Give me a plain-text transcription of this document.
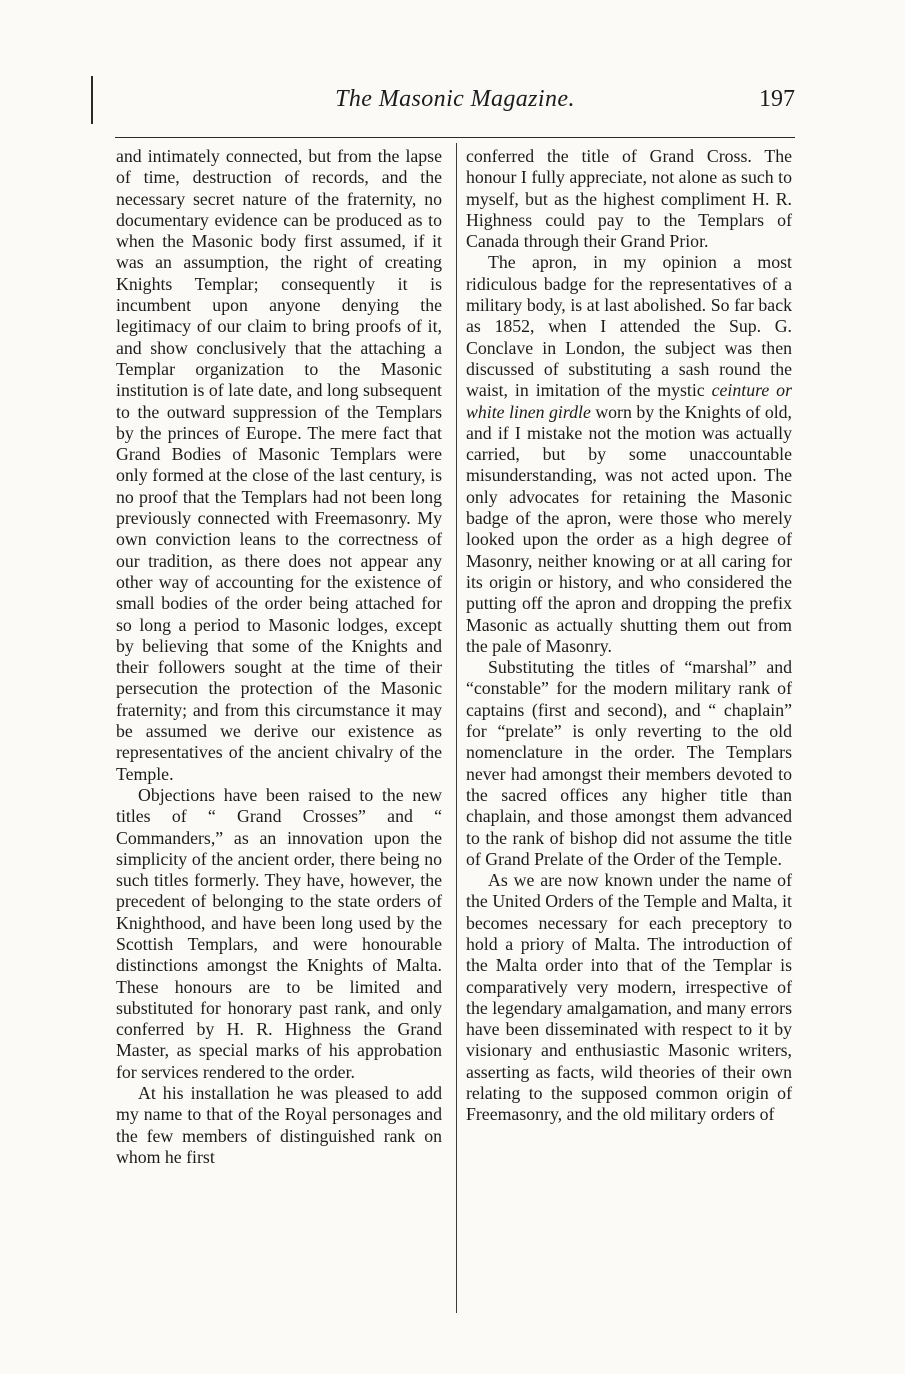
The Masonic Magazine.	197

and intimately connected, but from the lapse of time, destruction of records, and the necessary secret nature of the fraternity, no documentary evidence can be produced as to when the Masonic body first assumed, if it was an assumption, the right of creating Knights Templar; consequently it is incumbent upon anyone denying the legitimacy of our claim to bring proofs of it, and show conclusively that the attaching a Templar organization to the Masonic institution is of late date, and long subsequent to the outward suppression of the Templars by the princes of Europe. The mere fact that Grand Bodies of Masonic Templars were only formed at the close of the last century, is no proof that the Templars had not been long previously connected with Freemasonry. My own conviction leans to the correctness of our tradition, as there does not appear any other way of accounting for the existence of small bodies of the order being attached for so long a period to Masonic lodges, except by believing that some of the Knights and their followers sought at the time of their persecution the protection of the Masonic fraternity; and from this circumstance it may be assumed we derive our existence as representatives of the ancient chivalry of the Temple.

Objections have been raised to the new titles of “ Grand Crosses” and “ Commanders,” as an innovation upon the simplicity of the ancient order, there being no such titles formerly. They have, however, the precedent of belonging to the state orders of Knighthood, and have been long used by the Scottish Templars, and were honourable distinctions amongst the Knights of Malta. These honours are to be limited and substituted for honorary past rank, and only conferred by H. R. Highness the Grand Master, as special marks of his approbation for services rendered to the order.

At his installation he was pleased to add my name to that of the Royal personages and the few members of distinguished rank on whom he first

conferred the title of Grand Cross. The honour I fully appreciate, not alone as such to myself, but as the highest compliment H. R. Highness could pay to the Templars of Canada through their Grand Prior.

The apron, in my opinion a most ridiculous badge for the representatives of a military body, is at last abolished. So far back as 1852, when I attended the Sup. G. Conclave in London, the subject was then discussed of substituting a sash round the waist, in imitation of the mystic ceinture or white linen girdle worn by the Knights of old, and if I mistake not the motion was actually carried, but by some unaccountable misunderstanding, was not acted upon. The only advocates for retaining the Masonic badge of the apron, were those who merely looked upon the order as a high degree of Masonry, neither knowing or at all caring for its origin or history, and who considered the putting off the apron and dropping the prefix Masonic as actually shutting them out from the pale of Masonry.

Substituting the titles of “marshal” and “constable” for the modern military rank of captains (first and second), and “ chaplain” for “prelate” is only reverting to the old nomenclature in the order. The Templars never had amongst their members devoted to the sacred offices any higher title than chaplain, and those amongst them advanced to the rank of bishop did not assume the title of Grand Prelate of the Order of the Temple.

As we are now known under the name of the United Orders of the Temple and Malta, it becomes necessary for each preceptory to hold a priory of Malta. The introduction of the Malta order into that of the Templar is comparatively very modern, irrespective of the legendary amalgamation, and many errors have been disseminated with respect to it by visionary and enthusiastic Masonic writers, asserting as facts, wild theories of their own relating to the supposed common origin of Freemasonry, and the old military orders of
